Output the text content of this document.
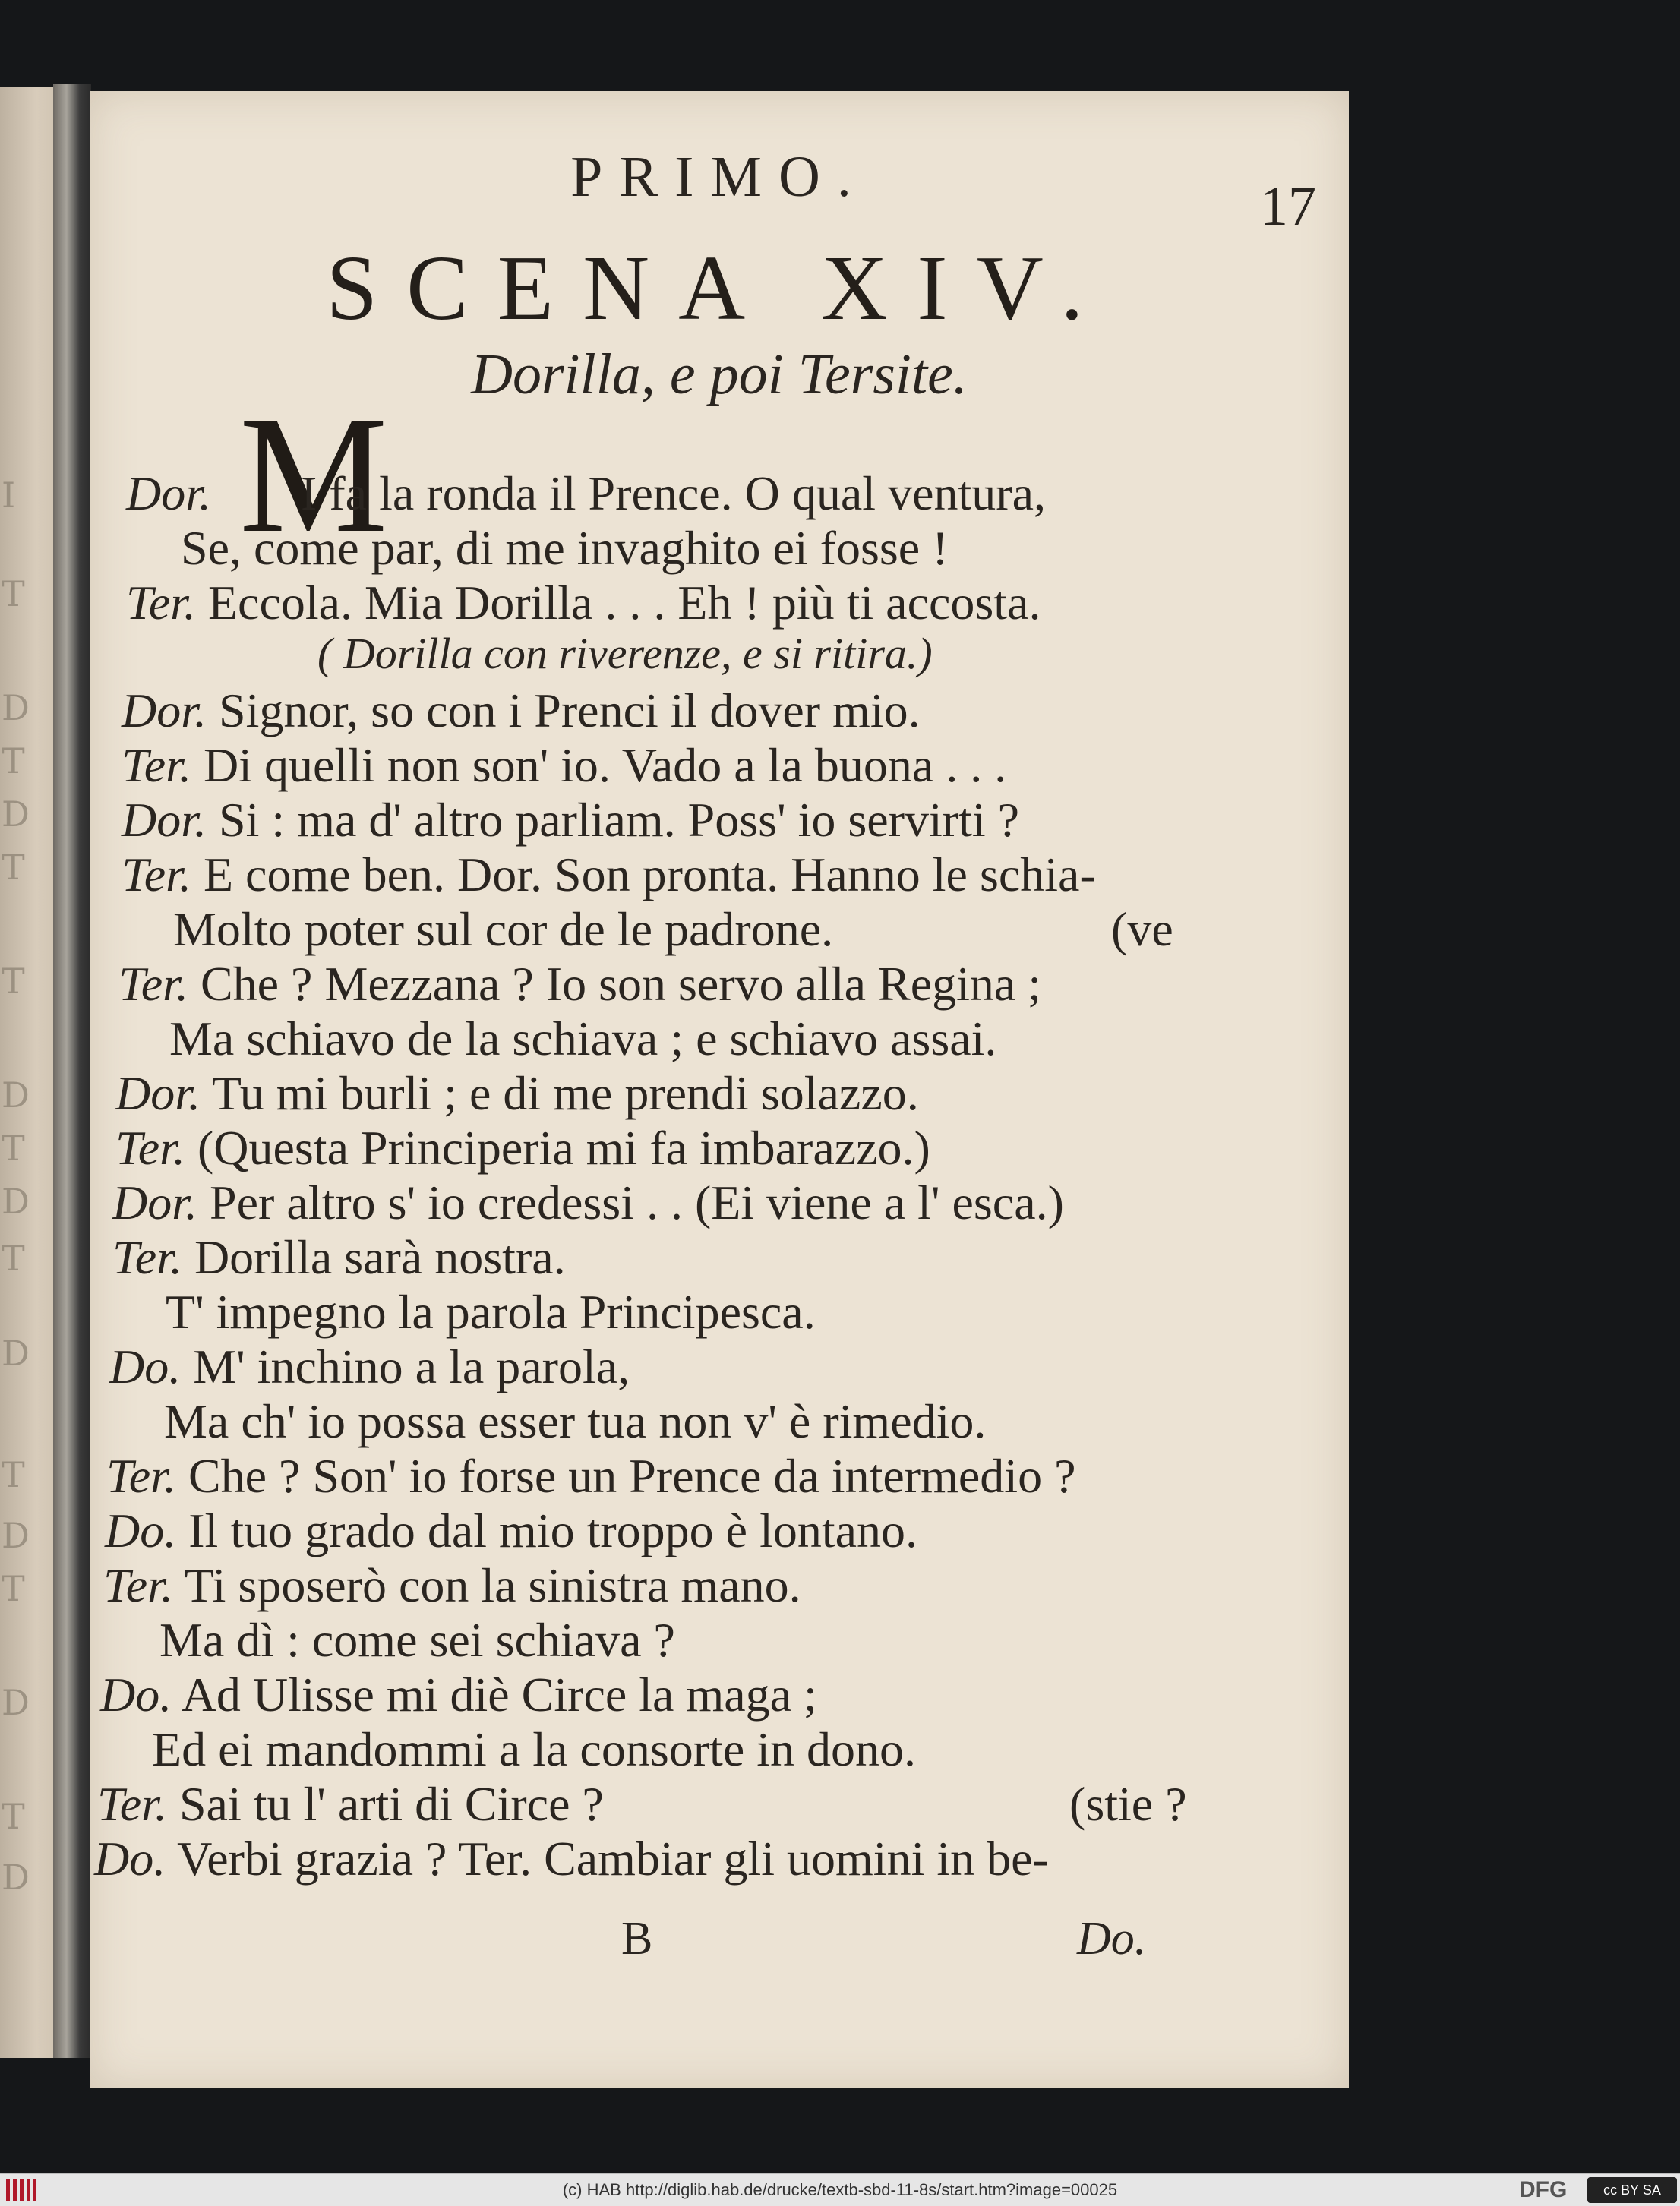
I
T
D
T
D
T
T
D
T
D
T
D
T
D
T
D
T
D
PRIMO.	17
SCENA XIV.
Dorilla, e poi Tersite.
M
Dor. I fa la ronda il Prence. O qual ventura,
Se, come par, di me invaghito ei fosse !
Ter. Eccola. Mia Dorilla . . . Eh ! più ti accosta.
( Dorilla con riverenze, e si ritira.)
Dor. Signor, so con i Prenci il dover mio.
Ter. Di quelli non son' io. Vado a la buona . . .
Dor. Si : ma d' altro parliam. Poss' io servirti ?
Ter. E come ben. Dor. Son pronta. Hanno le schia-
Molto poter sul cor de le padrone.	(ve
Ter. Che ? Mezzana ? Io son servo alla Regina ;
Ma schiavo de la schiava ; e schiavo assai.
Dor. Tu mi burli ; e di me prendi solazzo.
Ter. (Questa Principeria mi fa imbarazzo.)
Dor. Per altro s' io credessi . . (Ei viene a l' esca.)
Ter. Dorilla sarà nostra.
T' impegno la parola Principesca.
Do. M' inchino a la parola,
Ma ch' io possa esser tua non v' è rimedio.
Ter. Che ? Son' io forse un Prence da intermedio ?
Do. Il tuo grado dal mio troppo è lontano.
Ter. Ti sposerò con la sinistra mano.
Ma dì : come sei schiava ?
Do. Ad Ulisse mi diè Circe la maga ;
Ed ei mandommi a la consorte in dono.
Ter. Sai tu l' arti di Circe ?	(stie ?
Do. Verbi grazia ? Ter. Cambiar gli uomini in be-
B	Do.
(c) HAB http://diglib.hab.de/drucke/textb-sbd-11-8s/start.htm?image=00025	DFG	cc BY SA
